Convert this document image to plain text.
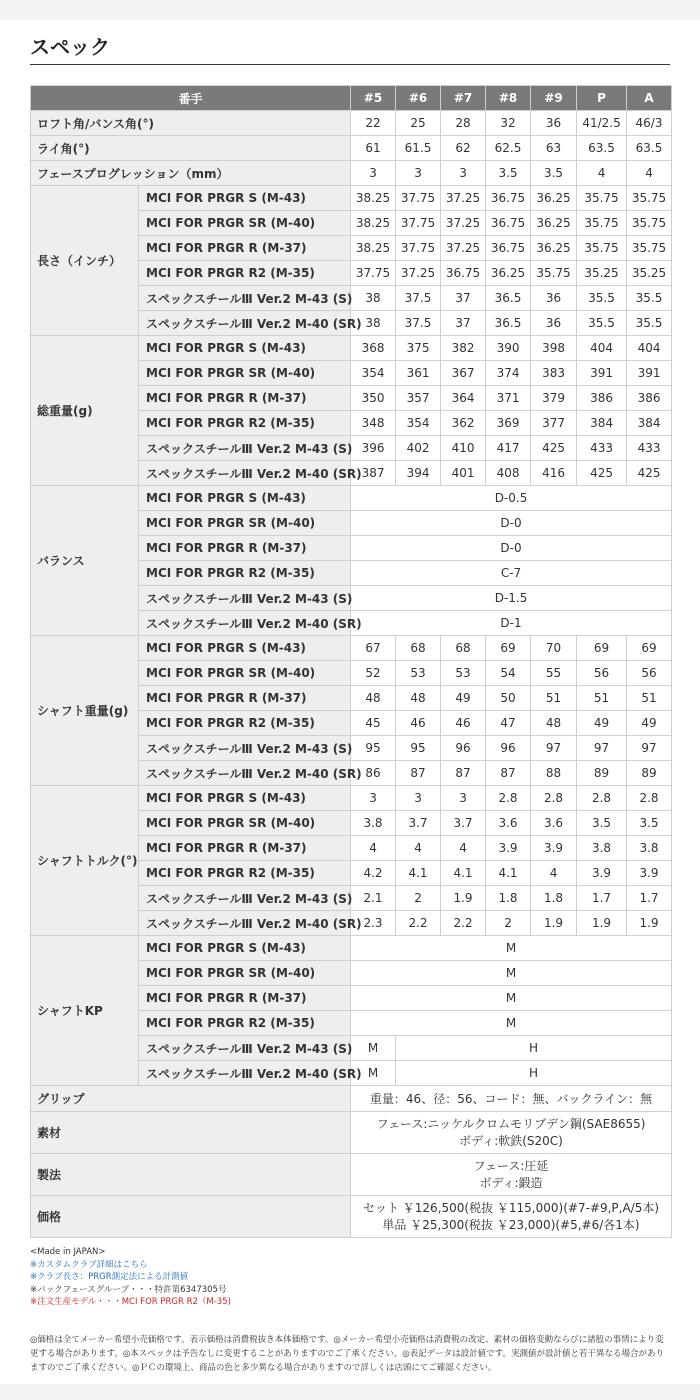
スペック
番手		#5	#6	#7	#8	#9	P	A
ロフト角/バンス角(°)		22	25	28	32	36	41/2.5	46/3
ライ角(°)		61	61.5	62	62.5	63	63.5	63.5
フェースプログレッション（mm）		3	3	3	3.5	3.5	4	4
長さ（インチ）	MCI FOR PRGR S (M-43)	38.25	37.75	37.25	36.75	36.25	35.75	35.75
	MCI FOR PRGR SR (M-40)	38.25	37.75	37.25	36.75	36.25	35.75	35.75
	MCI FOR PRGR R (M-37)	38.25	37.75	37.25	36.75	36.25	35.75	35.75
	MCI FOR PRGR R2 (M-35)	37.75	37.25	36.75	36.25	35.75	35.25	35.25
	スペックスチールⅢ Ver.2 M-43 (S)	38	37.5	37	36.5	36	35.5	35.5
	スペックスチールⅢ Ver.2 M-40 (SR)	38	37.5	37	36.5	36	35.5	35.5
総重量(g)	MCI FOR PRGR S (M-43)	368	375	382	390	398	404	404
	MCI FOR PRGR SR (M-40)	354	361	367	374	383	391	391
	MCI FOR PRGR R (M-37)	350	357	364	371	379	386	386
	MCI FOR PRGR R2 (M-35)	348	354	362	369	377	384	384
	スペックスチールⅢ Ver.2 M-43 (S)	396	402	410	417	425	433	433
	スペックスチールⅢ Ver.2 M-40 (SR)	387	394	401	408	416	425	425
バランス	MCI FOR PRGR S (M-43)	D-0.5						
	MCI FOR PRGR SR (M-40)	D-0						
	MCI FOR PRGR R (M-37)	D-0						
	MCI FOR PRGR R2 (M-35)	C-7						
	スペックスチールⅢ Ver.2 M-43 (S)	D-1.5						
	スペックスチールⅢ Ver.2 M-40 (SR)	D-1						
シャフト重量(g)	MCI FOR PRGR S (M-43)	67	68	68	69	70	69	69
	MCI FOR PRGR SR (M-40)	52	53	53	54	55	56	56
	MCI FOR PRGR R (M-37)	48	48	49	50	51	51	51
	MCI FOR PRGR R2 (M-35)	45	46	46	47	48	49	49
	スペックスチールⅢ Ver.2 M-43 (S)	95	95	96	96	97	97	97
	スペックスチールⅢ Ver.2 M-40 (SR)	86	87	87	87	88	89	89
シャフトトルク(°)	MCI FOR PRGR S (M-43)	3	3	3	2.8	2.8	2.8	2.8
	MCI FOR PRGR SR (M-40)	3.8	3.7	3.7	3.6	3.6	3.5	3.5
	MCI FOR PRGR R (M-37)	4	4	4	3.9	3.9	3.8	3.8
	MCI FOR PRGR R2 (M-35)	4.2	4.1	4.1	4.1	4	3.9	3.9
	スペックスチールⅢ Ver.2 M-43 (S)	2.1	2	1.9	1.8	1.8	1.7	1.7
	スペックスチールⅢ Ver.2 M-40 (SR)	2.3	2.2	2.2	2	1.9	1.9	1.9
シャフトKP	MCI FOR PRGR S (M-43)	M						
	MCI FOR PRGR SR (M-40)	M						
	MCI FOR PRGR R (M-37)	M						
	MCI FOR PRGR R2 (M-35)	M						
	スペックスチールⅢ Ver.2 M-43 (S)	M	H					
	スペックスチールⅢ Ver.2 M-40 (SR)	M	H					
グリップ		重量：46、径：56、コード：無、バックライン：無						
素材		フェース:ニッケルクロムモリブデン鋼(SAE8655)
ボディ:軟鉄(S20C)						

製法		フェース:圧延
ボディ:鍛造						

価格		セット ￥126,500(税抜 ￥115,000)(#7-#9,P,A/5本)
単品 ￥25,300(税抜 ￥23,000)(#5,#6/各1本)						
<Made in JAPAN>
※カスタムクラブ詳細はこちら
※クラブ長さ：PRGR測定法による計測値
※バックフェースグルーブ・・・特許第6347305号
※注文生産モデル・・・MCI FOR PRGR R2（M-35)
◎価格は全てメーカー希望小売価格です。表示価格は消費税抜き本体価格です。◎メーカー希望小売価格は消費税の改定、素材の価格変動ならびに諸般の事情により変更する場合があります。◎本スペックは予告なしに変更することがありますのでご了承ください。◎表記データは設計値です。実測値が設計値と若干異なる場合がありますのでご了承ください。◎ＰＣの環境上、商品の色と多少異なる場合がありますので詳しくは店頭にてご確認ください。
